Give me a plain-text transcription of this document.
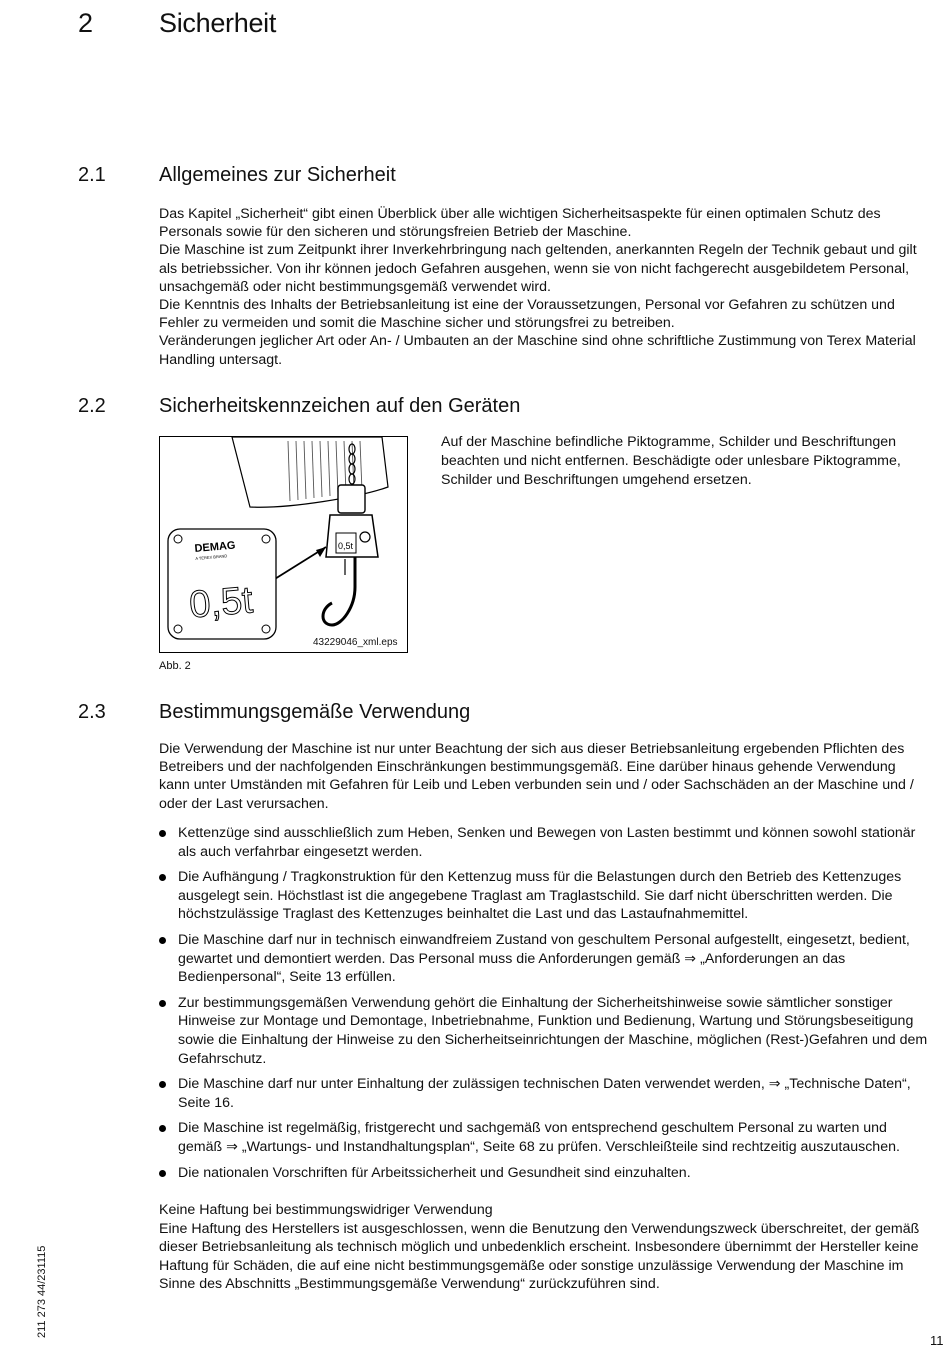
2 Sicherheit
2.1	Allgemeines zur Sicherheit

Das Kapitel „Sicherheit“ gibt einen Überblick über alle wichtigen Sicherheitsaspekte für einen optimalen Schutz des Personals sowie für den sicheren und störungsfreien Betrieb der Maschine.

Die Maschine ist zum Zeitpunkt ihrer Inverkehrbringung nach geltenden, anerkannten Regeln der Technik gebaut und gilt als betriebssicher. Von ihr können jedoch Gefahren ausgehen, wenn sie von nicht fachgerecht ausgebildetem Personal, unsachgemäß oder nicht bestimmungsgemäß verwendet wird.

Die Kenntnis des Inhalts der Betriebsanleitung ist eine der Voraussetzungen, Personal vor Gefahren zu schützen und Fehler zu vermeiden und somit die Maschine sicher und störungsfrei zu betreiben.

Veränderungen jeglicher Art oder An- / Umbauten an der Maschine sind ohne schriftliche Zustimmung von Terex Material Handling untersagt.

2.2	Sicherheitskennzeichen auf den Geräten
0,5t
DEMAG
A TEREX BRAND
0,5t
43229046_xml.eps
Abb. 2
Auf der Maschine befindliche Piktogramme, Schilder und Beschriftungen beachten und nicht entfernen. Beschädigte oder unlesbare Piktogramme, Schilder und Beschriftungen umgehend ersetzen.
2.3	Bestimmungsgemäße Verwendung
Die Verwendung der Maschine ist nur unter Beachtung der sich aus dieser Betriebsanleitung ergebenden Pflichten des Betreibers und der nachfolgenden Einschränkungen bestimmungsgemäß. Eine darüber hinaus gehende Verwendung kann unter Umständen mit Gefahren für Leib und Leben verbunden sein und / oder Sachschäden an der Maschine und / oder der Last verursachen.
Kettenzüge sind ausschließlich zum Heben, Senken und Bewegen von Lasten bestimmt und können sowohl stationär als auch verfahrbar eingesetzt werden.
Die Aufhängung / Tragkonstruktion für den Kettenzug muss für die Belastungen durch den Betrieb des Kettenzuges ausgelegt sein. Höchstlast ist die angegebene Traglast am Traglastschild. Sie darf nicht überschritten werden. Die höchstzulässige Traglast des Kettenzuges beinhaltet die Last und das Lastaufnahmemittel.
Die Maschine darf nur in technisch einwandfreiem Zustand von geschultem Personal aufgestellt, eingesetzt, bedient, gewartet und demontiert werden. Das Personal muss die Anforderungen gemäß ⇒ „Anforderungen an das Bedienpersonal“, Seite 13 erfüllen.
Zur bestimmungsgemäßen Verwendung gehört die Einhaltung der Sicherheitshinweise sowie sämtlicher sonstiger Hinweise zur Montage und Demontage, Inbetriebnahme, Funktion und Bedienung, Wartung und Störungsbeseitigung sowie die Einhaltung der Hinweise zu den Sicherheitseinrichtungen der Maschine, möglichen (Rest-)Gefahren und dem Gefahrschutz.
Die Maschine darf nur unter Einhaltung der zulässigen technischen Daten verwendet werden, ⇒ „Technische Daten“, Seite 16.
Die Maschine ist regelmäßig, fristgerecht und sachgemäß von entsprechend geschultem Personal zu warten und gemäß ⇒ „Wartungs- und Instandhaltungsplan“, Seite 68 zu prüfen. Verschleißteile sind rechtzeitig auszutauschen.
Die nationalen Vorschriften für Arbeitssicherheit und Gesundheit sind einzuhalten.
Keine Haftung bei bestimmungswidriger Verwendung
Eine Haftung des Herstellers ist ausgeschlossen, wenn die Benutzung den Verwendungszweck überschreitet, der gemäß dieser Betriebsanleitung als technisch möglich und unbedenklich erscheint. Insbesondere übernimmt der Hersteller keine Haftung für Schäden, die auf eine nicht bestimmungsgemäße oder sonstige unzulässige Verwendung der Maschine im Sinne des Abschnitts „Bestimmungsgemäße Verwendung“ zurückzuführen sind.
211 273 44/231115
11
